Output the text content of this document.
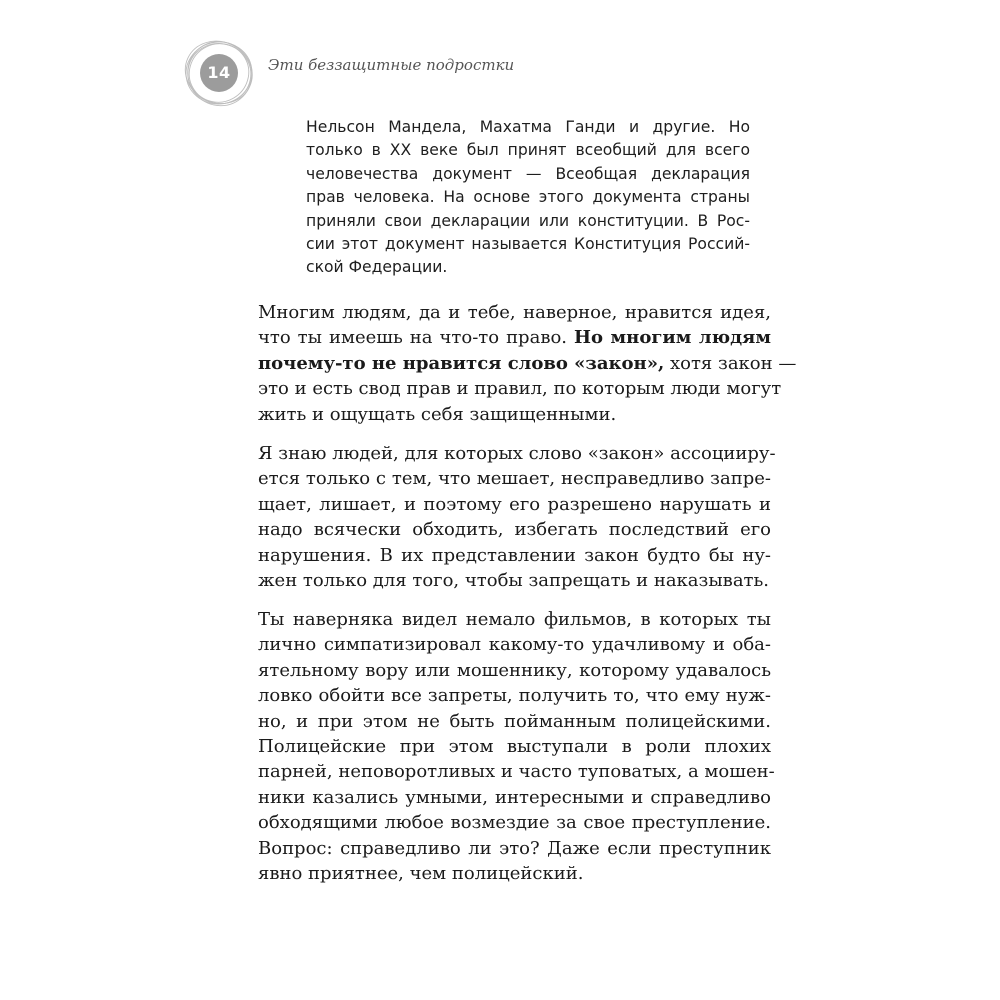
14	Эти беззащитные подростки
Нельсон Мандела, Махатма Ганди и другие. Но
только в XX веке был принят всеобщий для всего
человечества документ — Всеобщая декларация
прав человека. На основе этого документа страны
приняли свои декларации или конституции. В Рос-
сии этот документ называется Конституция Россий-
ской Федерации.
Многим людям, да и тебе, наверное, нравится идея,
что ты имеешь на что-то право. Но многим людям
почему-то не нравится слово «закон», хотя закон —
это и есть свод прав и правил, по которым люди могут
жить и ощущать себя защищенными.
Я знаю людей, для которых слово «закон» ассоцииру-
ется только с тем, что мешает, несправедливо запре-
щает, лишает, и поэтому его разрешено нарушать и
надо всячески обходить, избегать последствий его
нарушения. В их представлении закон будто бы ну-
жен только для того, чтобы запрещать и наказывать.
Ты наверняка видел немало фильмов, в которых ты
лично симпатизировал какому-то удачливому и оба-
ятельному вору или мошеннику, которому удавалось
ловко обойти все запреты, получить то, что ему нуж-
но, и при этом не быть пойманным полицейскими.
Полицейские при этом выступали в роли плохих
парней, неповоротливых и часто туповатых, а мошен-
ники казались умными, интересными и справедливо
обходящими любое возмездие за свое преступление.
Вопрос: справедливо ли это? Даже если преступник
явно приятнее, чем полицейский.
